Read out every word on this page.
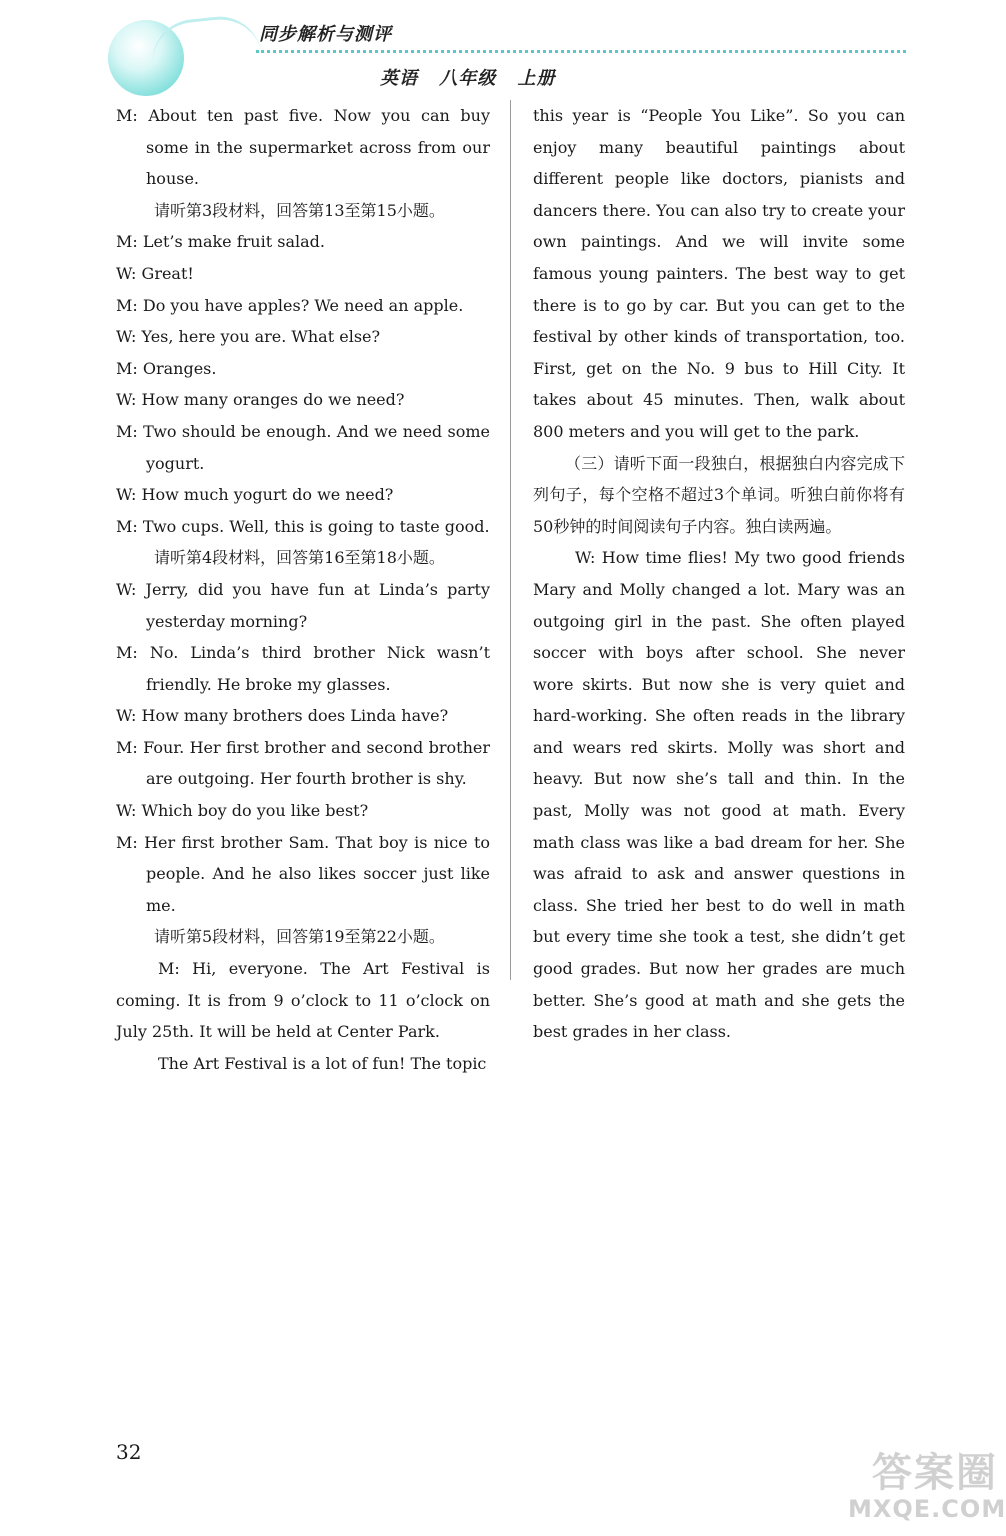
同步解析与测评
英语 八年级 上册

M: About ten past five. Now you can buy some in the supermarket across from our house.

请听第3段材料，回答第13至第15小题。

M: Let’s make fruit salad.

W: Great!

M: Do you have apples? We need an apple.

W: Yes, here you are. What else?

M: Oranges.

W: How many oranges do we need?

M: Two should be enough. And we need some yogurt.

W: How much yogurt do we need?

M: Two cups. Well, this is going to taste good.

请听第4段材料，回答第16至第18小题。

W: Jerry, did you have fun at Linda’s party yesterday morning?

M: No. Linda’s third brother Nick wasn’t friendly. He broke my glasses.

W: How many brothers does Linda have?

M: Four. Her first brother and second brother are outgoing. Her fourth brother is shy.

W: Which boy do you like best?

M: Her first brother Sam. That boy is nice to people. And he also likes soccer just like me.

请听第5段材料，回答第19至第22小题。

M: Hi, everyone. The Art Festival is coming. It is from 9 o’clock to 11 o’clock on July 25th. It will be held at Center Park.

The Art Festival is a lot of fun! The topic

this year is “People You Like”. So you can enjoy many beautiful paintings about different people like doctors, pianists and dancers there. You can also try to create your own paintings. And we will invite some famous young painters. The best way to get there is to go by car. But you can get to the festival by other kinds of transportation, too. First, get on the No. 9 bus to Hill City. It takes about 45 minutes. Then, walk about 800 meters and you will get to the park.

（三）请听下面一段独白，根据独白内容完成下列句子，每个空格不超过3个单词。听独白前你将有50秒钟的时间阅读句子内容。独白读两遍。

W: How time flies! My two good friends Mary and Molly changed a lot. Mary was an outgoing girl in the past. She often played soccer with boys after school. She never wore skirts. But now she is very quiet and hard-working. She often reads in the library and wears red skirts. Molly was short and heavy. But now she’s tall and thin. In the past, Molly was not good at math. Every math class was like a bad dream for her. She was afraid to ask and answer questions in class. She tried her best to do well in math but every time she took a test, she didn’t get good grades. But now her grades are much better. She’s good at math and she gets the best grades in her class.

32	答案圈
MXQE.COM
